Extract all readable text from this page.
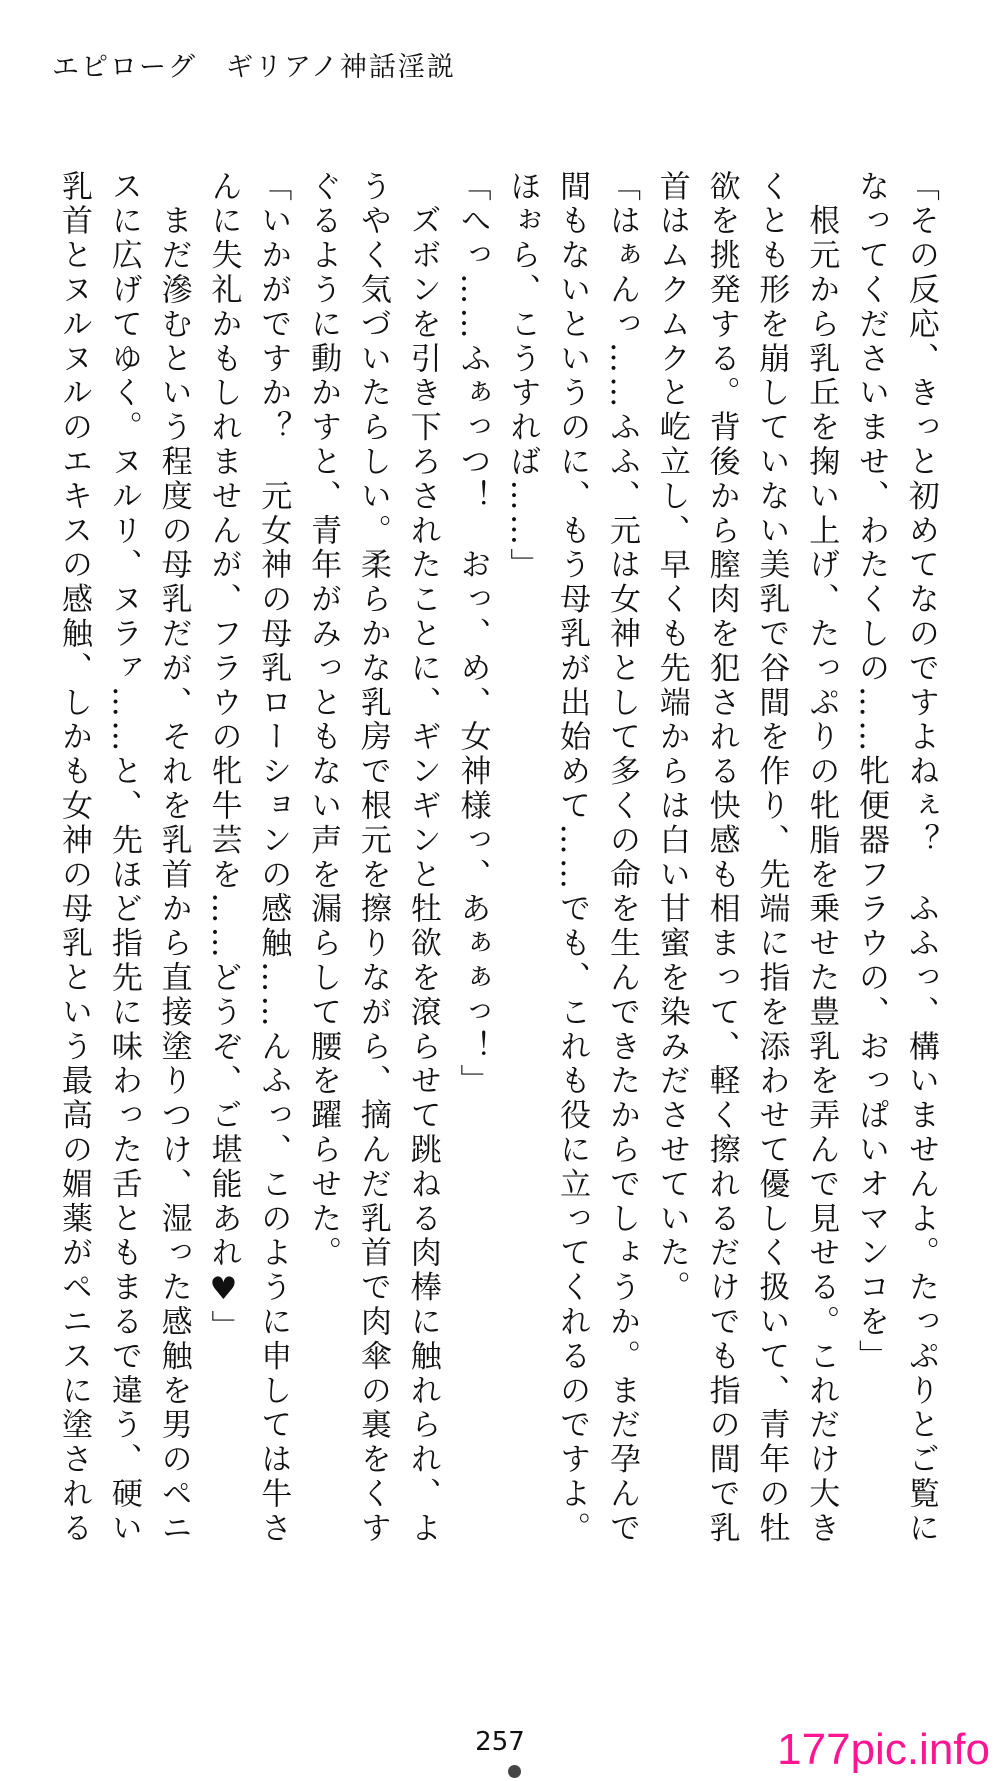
エピローグ　ギリアノ神話淫説
「その反応、きっと初めてなのですよねぇ？　ふふっ、構いませんよ。たっぷりとご覧に
なってくださいませ、わたくしの……牝便器フラウの、おっぱいオマンコを」
　根元から乳丘を掬い上げ、たっぷりの牝脂を乗せた豊乳を弄んで見せる。これだけ大き
くとも形を崩していない美乳で谷間を作り、先端に指を添わせて優しく扱いて、青年の牡
欲を挑発する。背後から膣肉を犯される快感も相まって、軽く擦れるだけでも指の間で乳
首はムクムクと屹立し、早くも先端からは白い甘蜜を染みださせていた。
「はぁんっ……ふふ、元は女神として多くの命を生んできたからでしょうか。まだ孕んで
間もないというのに、もう母乳が出始めて……でも、これも役に立ってくれるのですよ。
ほぉら、こうすれば……」
「へっ……ふぁっつ！　おっ、め、女神様っ、あぁぁっ！」
　ズボンを引き下ろされたことに、ギンギンと牡欲を滾らせて跳ねる肉棒に触れられ、よ
うやく気づいたらしい。柔らかな乳房で根元を擦りながら、摘んだ乳首で肉傘の裏をくす
ぐるように動かすと、青年がみっともない声を漏らして腰を躍らせた。
「いかがですか？　元女神の母乳ローションの感触……んふっ、このように申しては牛さ
んに失礼かもしれませんが、フラウの牝牛芸を……どうぞ、ご堪能あれ♥」
　まだ滲むという程度の母乳だが、それを乳首から直接塗りつけ、湿った感触を男のペニ
スに広げてゆく。ヌルリ、ヌラァ……と、先ほど指先に味わった舌ともまるで違う、硬い
乳首とヌルヌルのエキスの感触、しかも女神の母乳という最高の媚薬がペニスに塗される
257	177pic.info
